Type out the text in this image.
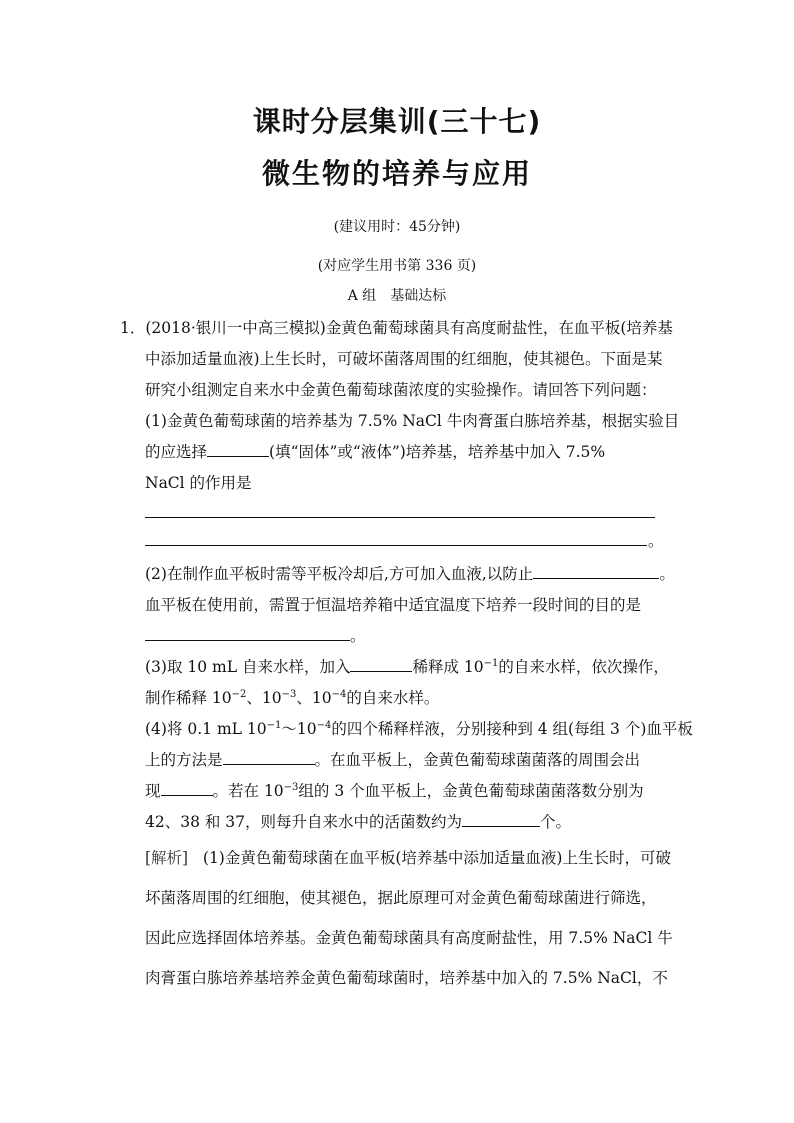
课时分层集训(三十七)
微生物的培养与应用
(建议用时：45分钟)
(对应学生用书第 336 页)
A 组　基础达标
1．(2018·银川一中高三模拟)金黄色葡萄球菌具有高度耐盐性，在血平板(培养基
中添加适量血液)上生长时，可破坏菌落周围的红细胞，使其褪色。下面是某
研究小组测定自来水中金黄色葡萄球菌浓度的实验操作。请回答下列问题：
(1)金黄色葡萄球菌的培养基为 7.5% NaCl 牛肉膏蛋白胨培养基，根据实验目
的应选择	(填“固体”或“液体”)培养基，培养基中加入 7.5%
NaCl 的作用是
。
(2)在制作血平板时需等平板冷却后,方可加入血液,以防止	。
血平板在使用前，需置于恒温培养箱中适宜温度下培养一段时间的目的是
。
(3)取 10 mL 自来水样，加入	稀释成 $10^{-1}$的自来水样，依次操作，
制作稀释 $10^{-2}$、$10^{-3}$、$10^{-4}$的自来水样。
(4)将 0.1 mL $10^{-1}\sim 10^{-4}$的四个稀释样液，分别接种到 4 组(每组 3 个)血平板
上的方法是	。在血平板上，金黄色葡萄球菌菌落的周围会出
现	。若在 $10^{-3}$组的 3 个血平板上，金黄色葡萄球菌菌落数分别为
42、38 和 37，则每升自来水中的活菌数约为	个。
[解析] (1)金黄色葡萄球菌在血平板(培养基中添加适量血液)上生长时，可破
坏菌落周围的红细胞，使其褪色，据此原理可对金黄色葡萄球菌进行筛选，
因此应选择固体培养基。金黄色葡萄球菌具有高度耐盐性，用 7.5% NaCl 牛
肉膏蛋白胨培养基培养金黄色葡萄球菌时，培养基中加入的 7.5% NaCl，不
